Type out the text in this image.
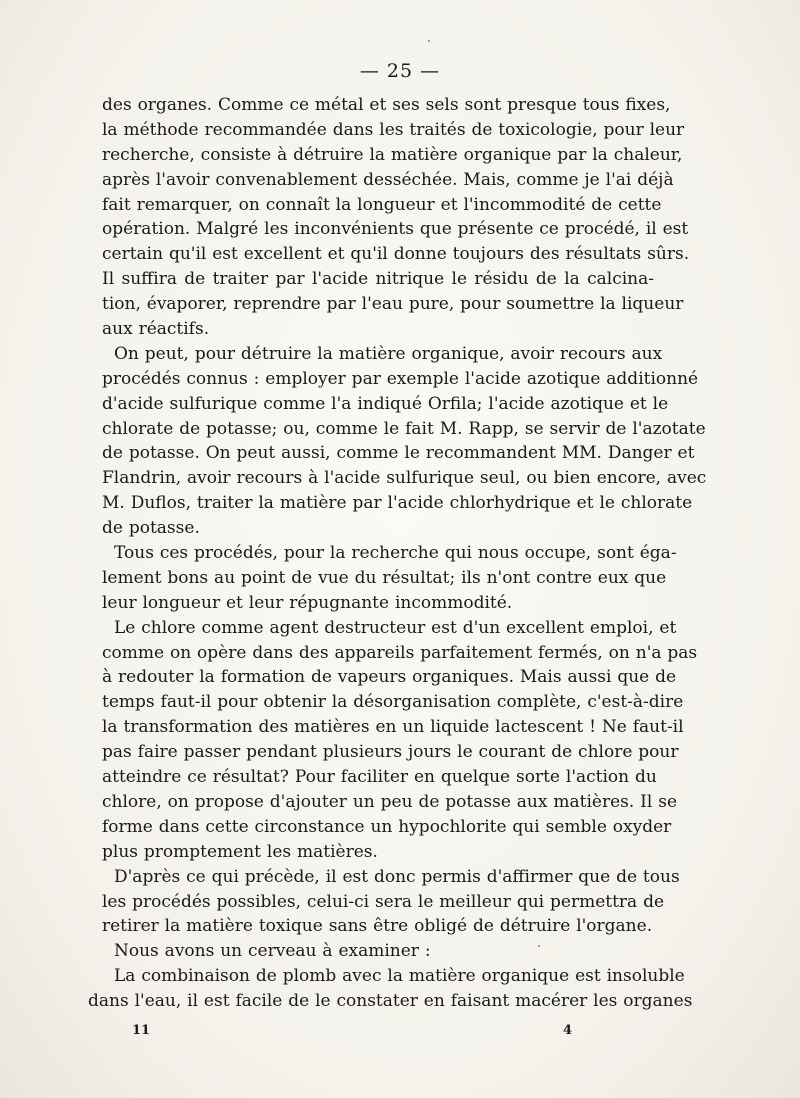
— 25 —
des organes. Comme ce métal et ses sels sont presque tous fixes,
la méthode recommandée dans les traités de toxicologie, pour leur
recherche, consiste à détruire la matière organique par la chaleur,
après l'avoir convenablement desséchée. Mais, comme je l'ai déjà
fait remarquer, on connaît la longueur et l'incommodité de cette
opération. Malgré les inconvénients que présente ce procédé, il est
certain qu'il est excellent et qu'il donne toujours des résultats sûrs.
Il suffira de traiter par l'acide nitrique le résidu de la calcina-
tion, évaporer, reprendre par l'eau pure, pour soumettre la liqueur
aux réactifs.
On peut, pour détruire la matière organique, avoir recours aux
procédés connus : employer par exemple l'acide azotique additionné
d'acide sulfurique comme l'a indiqué Orfila; l'acide azotique et le
chlorate de potasse; ou, comme le fait M. Rapp, se servir de l'azotate
de potasse. On peut aussi, comme le recommandent MM. Danger et
Flandrin, avoir recours à l'acide sulfurique seul, ou bien encore, avec
M. Duflos, traiter la matière par l'acide chlorhydrique et le chlorate
de potasse.
Tous ces procédés, pour la recherche qui nous occupe, sont éga-
lement bons au point de vue du résultat; ils n'ont contre eux que
leur longueur et leur répugnante incommodité.
Le chlore comme agent destructeur est d'un excellent emploi, et
comme on opère dans des appareils parfaitement fermés, on n'a pas
à redouter la formation de vapeurs organiques. Mais aussi que de
temps faut-il pour obtenir la désorganisation complète, c'est-à-dire
la transformation des matières en un liquide lactescent ! Ne faut-il
pas faire passer pendant plusieurs jours le courant de chlore pour
atteindre ce résultat? Pour faciliter en quelque sorte l'action du
chlore, on propose d'ajouter un peu de potasse aux matières. Il se
forme dans cette circonstance un hypochlorite qui semble oxyder
plus promptement les matières.
D'après ce qui précède, il est donc permis d'affirmer que de tous
les procédés possibles, celui-ci sera le meilleur qui permettra de
retirer la matière toxique sans être obligé de détruire l'organe.
Nous avons un cerveau à examiner :
La combinaison de plomb avec la matière organique est insoluble
dans l'eau, il est facile de le constater en faisant macérer les organes
11	4
